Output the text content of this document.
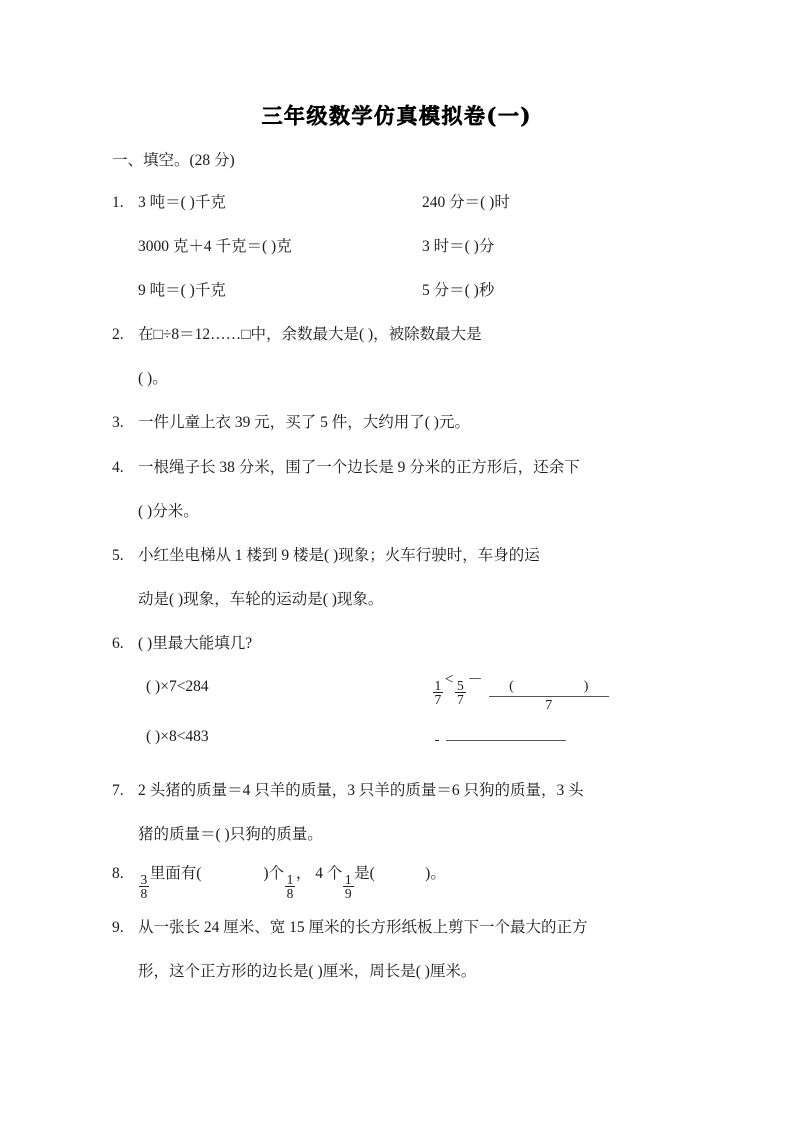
三年级数学仿真模拟卷(一)
一、填空。(28 分)
1. 3 吨＝( )千克	240 分＝( )时
3000 克＋4 千克＝( )克	3 时＝( )分
9 吨＝( )千克	5 分＝( )秒
2. 在□÷8＝12……□中，余数最大是( )，被除数最大是
( )。
3. 一件儿童上衣 39 元，买了 5 件，大约用了( )元。
4. 一根绳子长 38 分米，围了一个边长是 9 分米的正方形后，还余下
( )分米。
5. 小红坐电梯从 1 楼到 9 楼是( )现象；火车行驶时，车身的运
动是( )现象，车轮的运动是( )现象。
6. ( )里最大能填几?
( )×7<284	$\frac{1}{7} < \frac{5}{7} - \frac{( )}{7}$
( )×8<483
7. 2 头猪的质量＝4 只羊的质量，3 只羊的质量＝6 只狗的质量，3 头
猪的质量＝( )只狗的质量。
8. $\frac{3}{8}$ 里面有(	)个 $\frac{1}{8}$ ， 4 个 $\frac{1}{9}$ 是(	)。
9. 从一张长 24 厘米、宽 15 厘米的长方形纸板上剪下一个最大的正方
形，这个正方形的边长是( )厘米，周长是( )厘米。
